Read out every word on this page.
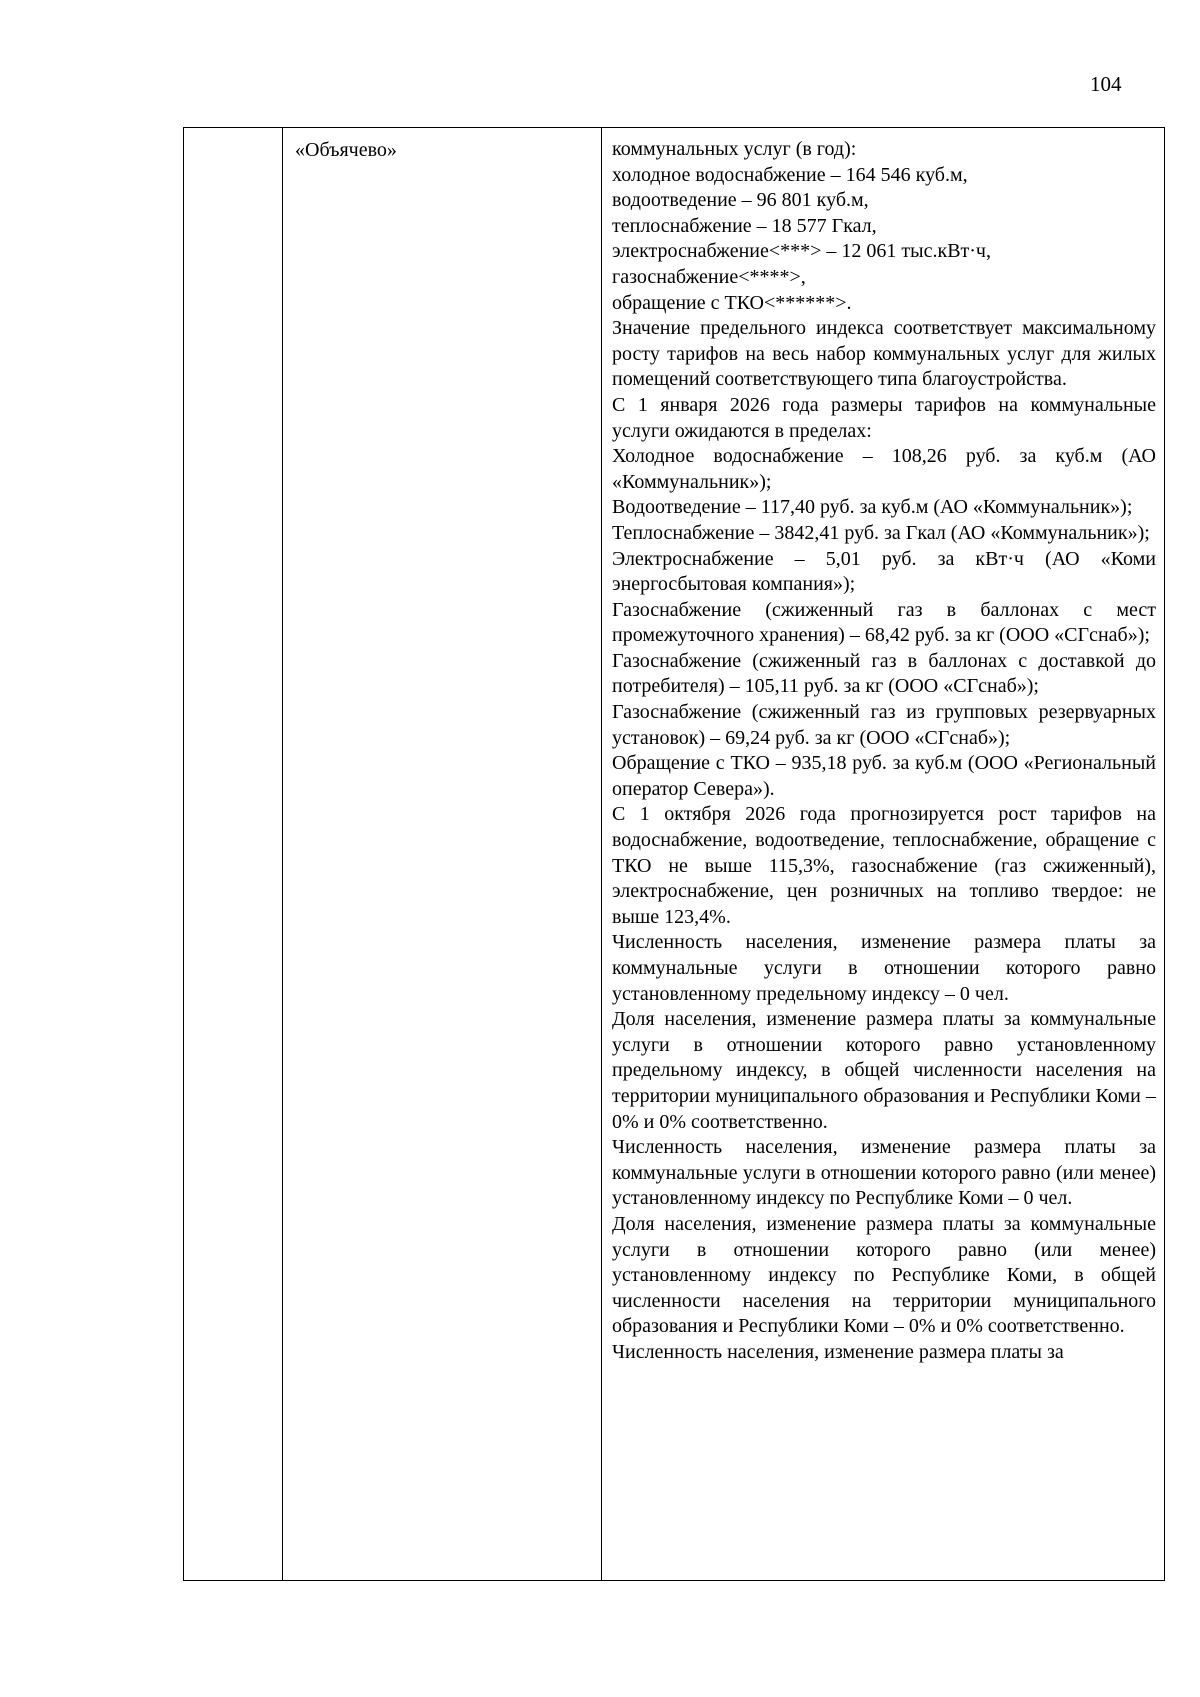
104
	«Объячево»	коммунальных услуг (в год):
холодное водоснабжение – 164 546 куб.м,
водоотведение – 96 801 куб.м,
теплоснабжение – 18 577 Гкал,
электроснабжение<***> – 12 061 тыс.кВт·ч,
газоснабжение<****>,
обращение с ТКО<******>.
Значение предельного индекса соответствует максимальному росту тарифов на весь набор коммунальных услуг для жилых помещений соответствующего типа благоустройства.
С 1 января 2026 года размеры тарифов на коммунальные услуги ожидаются в пределах:
Холодное водоснабжение – 108,26 руб. за куб.м (АО «Коммунальник»);
Водоотведение – 117,40 руб. за куб.м (АО «Коммунальник»);
Теплоснабжение – 3842,41 руб. за Гкал (АО «Коммунальник»);
Электроснабжение – 5,01 руб. за кВт·ч (АО «Коми энергосбытовая компания»);
Газоснабжение (сжиженный газ в баллонах с мест промежуточного хранения) – 68,42 руб. за кг (ООО «СГснаб»);
Газоснабжение (сжиженный газ в баллонах с доставкой до потребителя) – 105,11 руб. за кг (ООО «СГснаб»);
Газоснабжение (сжиженный газ из групповых резервуарных установок) – 69,24 руб. за кг (ООО «СГснаб»);
Обращение с ТКО – 935,18 руб. за куб.м (ООО «Региональный оператор Севера»).
С 1 октября 2026 года прогнозируется рост тарифов на водоснабжение, водоотведение, теплоснабжение, обращение с ТКО не выше 115,3%, газоснабжение (газ сжиженный), электроснабжение, цен розничных на топливо твердое: не выше 123,4%.
Численность населения, изменение размера платы за коммунальные услуги в отношении которого равно установленному предельному индексу – 0 чел.
Доля населения, изменение размера платы за коммунальные услуги в отношении которого равно установленному предельному индексу, в общей численности населения на территории муниципального образования и Республики Коми – 0% и 0% соответственно.
Численность населения, изменение размера платы за коммунальные услуги в отношении которого равно (или менее) установленному индексу по Республике Коми – 0 чел.
Доля населения, изменение размера платы за коммунальные услуги в отношении которого равно (или менее) установленному индексу по Республике Коми, в общей численности населения на территории муниципального образования и Республики Коми – 0% и 0% соответственно.
Численность населения, изменение размера платы за
